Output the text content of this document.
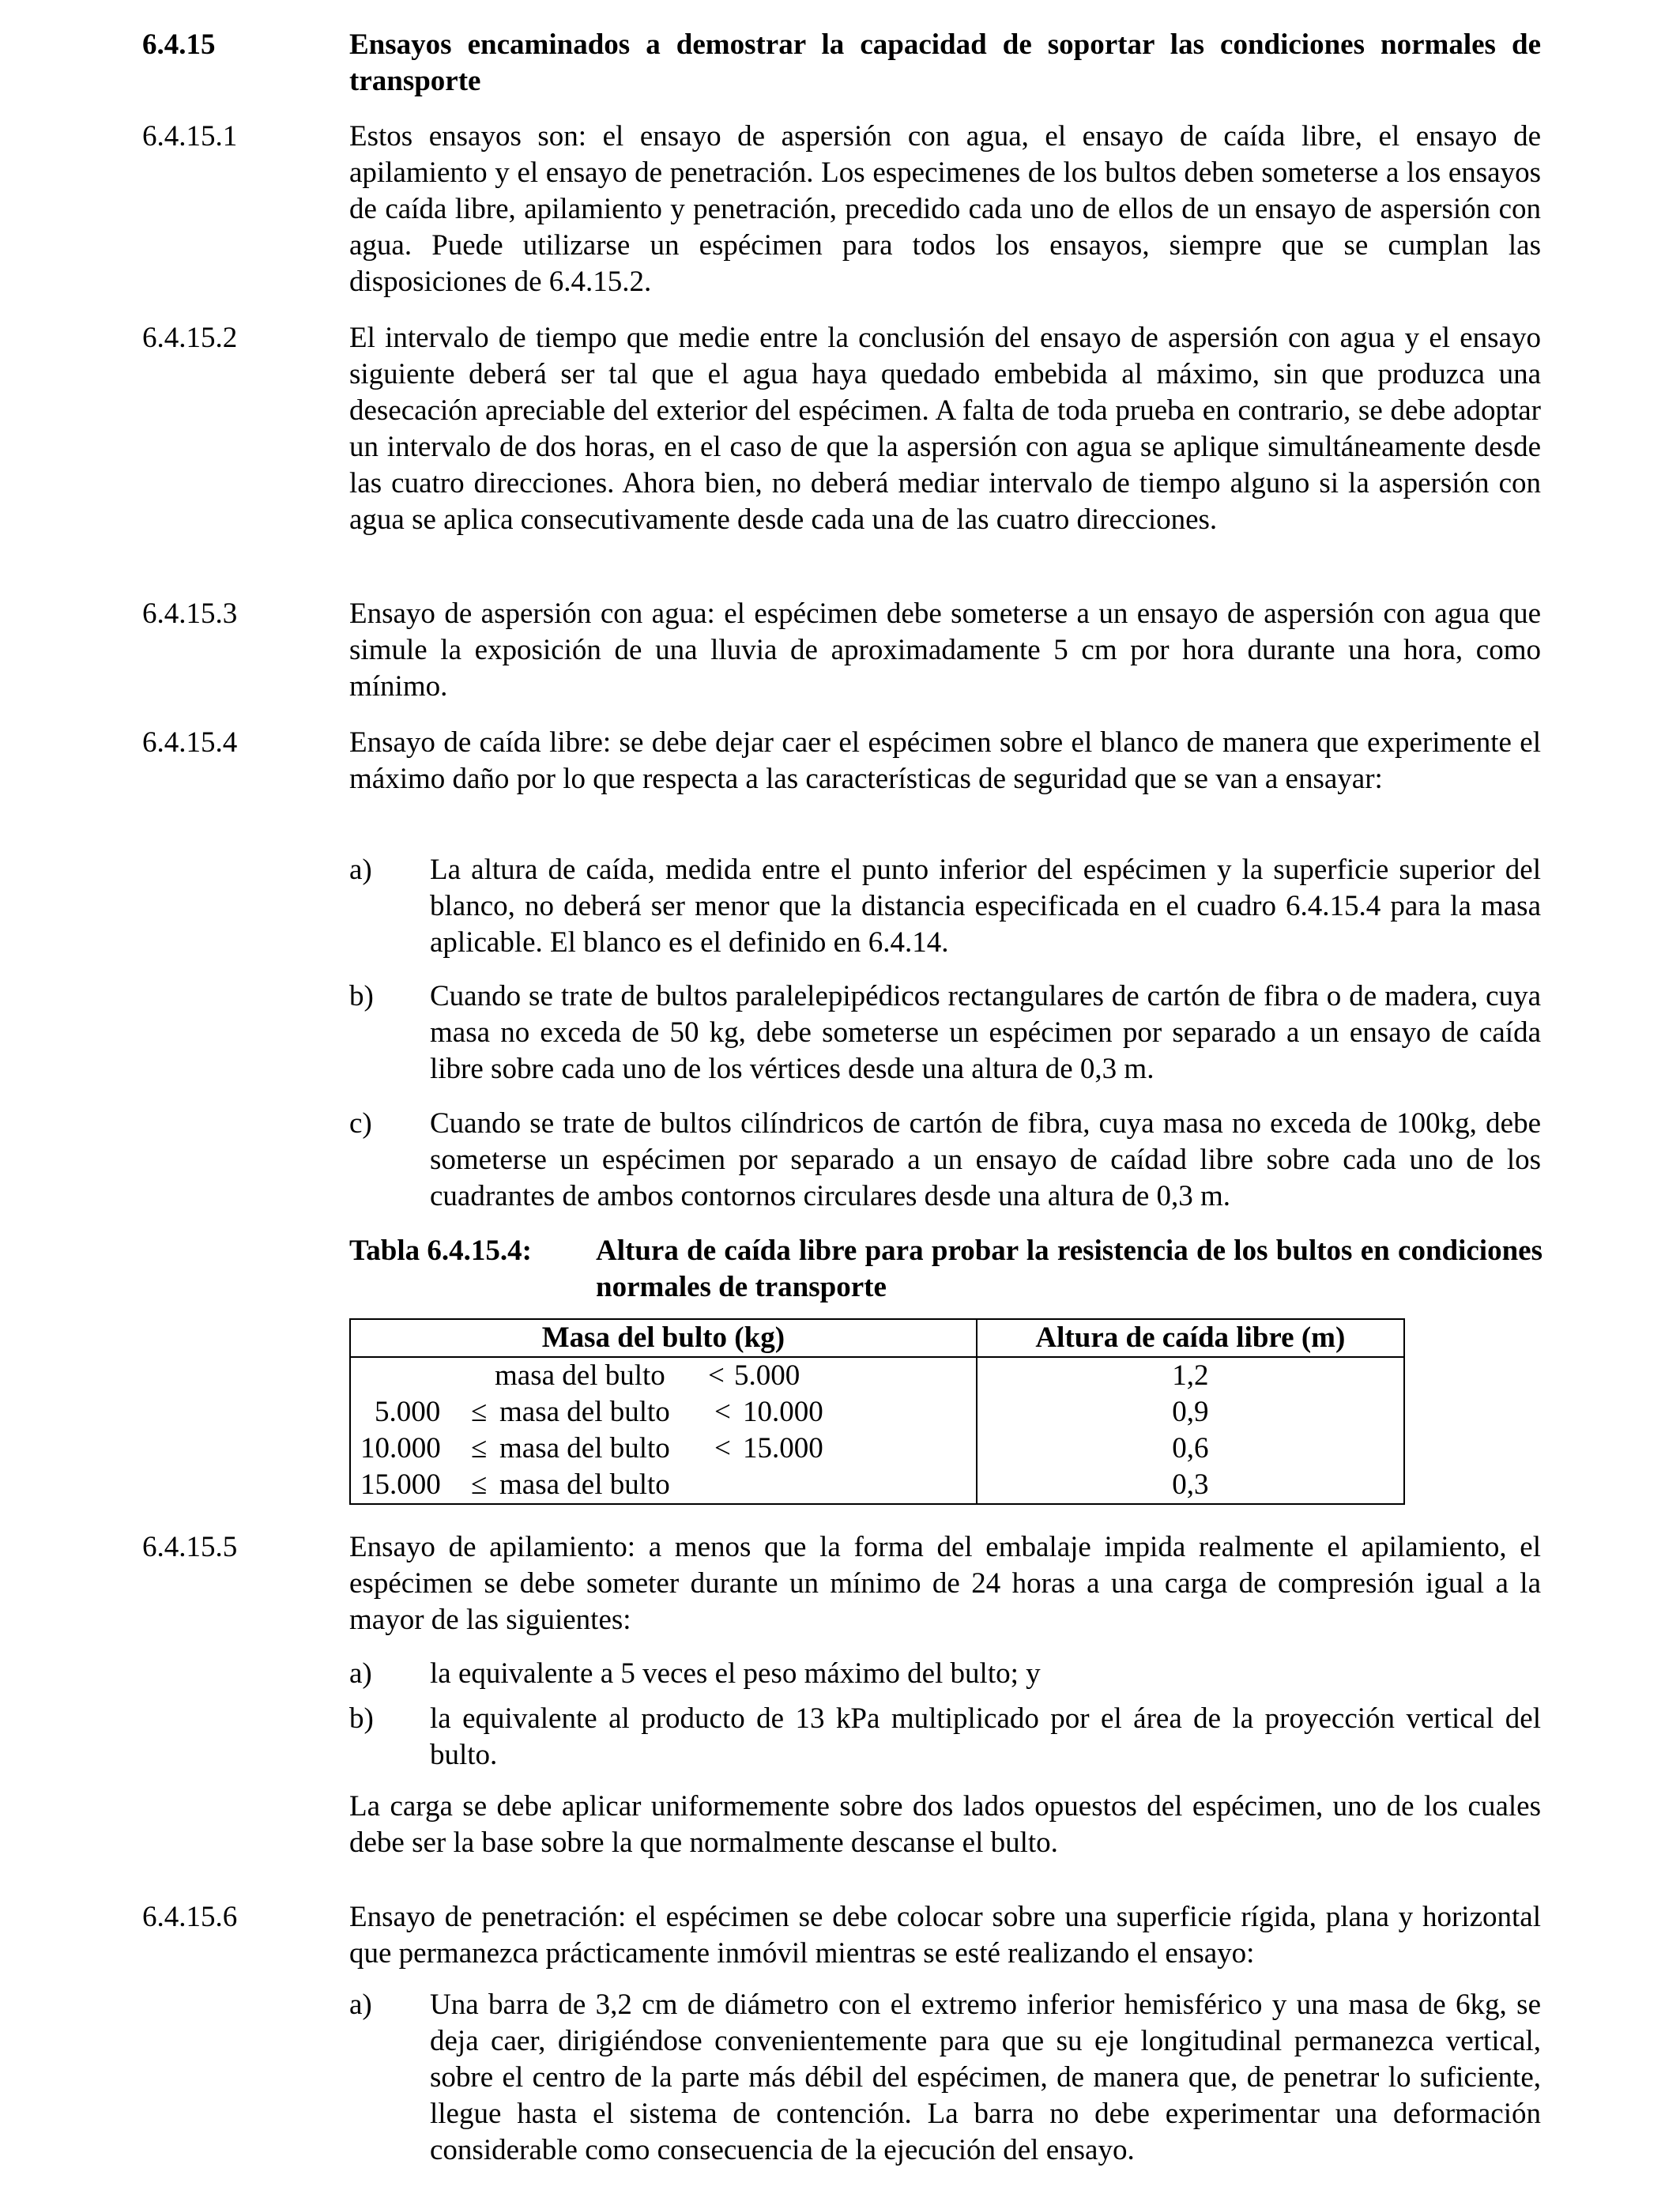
6.4.15	Ensayos encaminados a demostrar la capacidad de soportar las condiciones normales de transporte
6.4.15.1	Estos ensayos son: el ensayo de aspersión con agua, el ensayo de caída libre, el ensayo de apilamiento y el ensayo de penetración. Los especimenes de los bultos deben someterse a los ensayos de caída libre, apilamiento y penetración, precedido cada uno de ellos de un ensayo de aspersión con agua. Puede utilizarse un espécimen para todos los ensayos, siempre que se cumplan las disposiciones de 6.4.15.2.
6.4.15.2	El intervalo de tiempo que medie entre la conclusión del ensayo de aspersión con agua y el ensayo siguiente deberá ser tal que el agua haya quedado embebida al máximo, sin que produzca una desecación apreciable del exterior del espécimen. A falta de toda prueba en contrario, se debe adoptar un intervalo de dos horas, en el caso de que la aspersión con agua se aplique simultáneamente desde las cuatro direcciones. Ahora bien, no deberá mediar intervalo de tiempo alguno si la aspersión con agua se aplica consecutivamente desde cada una de las cuatro direcciones.
6.4.15.3	Ensayo de aspersión con agua: el espécimen debe someterse a un ensayo de aspersión con agua que simule la exposición de una lluvia de aproximadamente 5 cm por hora durante una hora, como mínimo.
6.4.15.4	Ensayo de caída libre: se debe dejar caer el espécimen sobre el blanco de manera que experimente el máximo daño por lo que respecta a las características de seguridad que se van a ensayar:
a)	La altura de caída, medida entre el punto inferior del espécimen y la superficie superior del blanco, no deberá ser menor que la distancia especificada en el cuadro 6.4.15.4 para la masa aplicable. El blanco es el definido en 6.4.14.
b)	Cuando se trate de bultos paralelepipédicos rectangulares de cartón de fibra o de madera, cuya masa no exceda de 50 kg, debe someterse un espécimen por separado a un ensayo de caída libre sobre cada uno de los vértices desde una altura de 0,3 m.
c)	Cuando se trate de bultos cilíndricos de cartón de fibra, cuya masa no exceda de 100kg, debe someterse un espécimen por separado a un ensayo de caídad libre sobre cada uno de los cuadrantes de ambos contornos circulares desde una altura de 0,3 m.
Tabla 6.4.15.4:	Altura de caída libre para probar la resistencia de los bultos en condiciones normales de transporte
Masa del bulto (kg)	Altura de caída libre (m)

masa del bulto < 5.000	1,2

5.000 ≤ masa del bulto < 10.000	0,9

10.000 ≤ masa del bulto < 15.000	0,6

15.000 ≤ masa del bulto	0,3
6.4.15.5	Ensayo de apilamiento: a menos que la forma del embalaje impida realmente el apilamiento, el espécimen se debe someter durante un mínimo de 24 horas a una carga de compresión igual a la mayor de las siguientes:
a)	la equivalente a 5 veces el peso máximo del bulto; y
b)	la equivalente al producto de 13 kPa multiplicado por el área de la proyección vertical del bulto.
La carga se debe aplicar uniformemente sobre dos lados opuestos del espécimen, uno de los cuales debe ser la base sobre la que normalmente descanse el bulto.
6.4.15.6	Ensayo de penetración: el espécimen se debe colocar sobre una superficie rígida, plana y horizontal que permanezca prácticamente inmóvil mientras se esté realizando el ensayo:
a)	Una barra de 3,2 cm de diámetro con el extremo inferior hemisférico y una masa de 6kg, se deja caer, dirigiéndose convenientemente para que su eje longitudinal permanezca vertical, sobre el centro de la parte más débil del espécimen, de manera que, de penetrar lo suficiente, llegue hasta el sistema de contención. La barra no debe experimentar una deformación considerable como consecuencia de la ejecución del ensayo.
